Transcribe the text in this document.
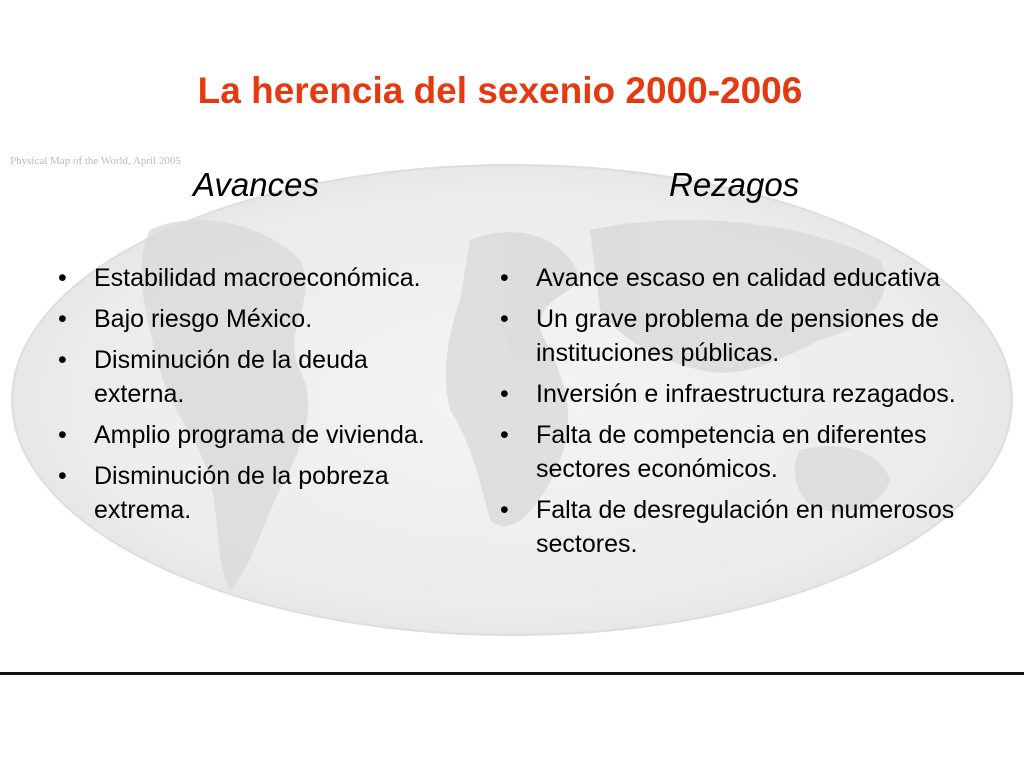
Physical Map of the World, April 2005
La herencia del sexenio 2000-2006
Avances	Rezagos
• Estabilidad macroeconómica.
• Bajo riesgo México.
• Disminución de la deuda externa.
• Amplio programa de vivienda.
• Disminución de la pobreza extrema.
• Avance escaso en calidad educativa
• Un grave problema de pensiones de instituciones públicas.
• Inversión e infraestructura rezagados.
• Falta de competencia en diferentes sectores económicos.
• Falta de desregulación en numerosos sectores.
